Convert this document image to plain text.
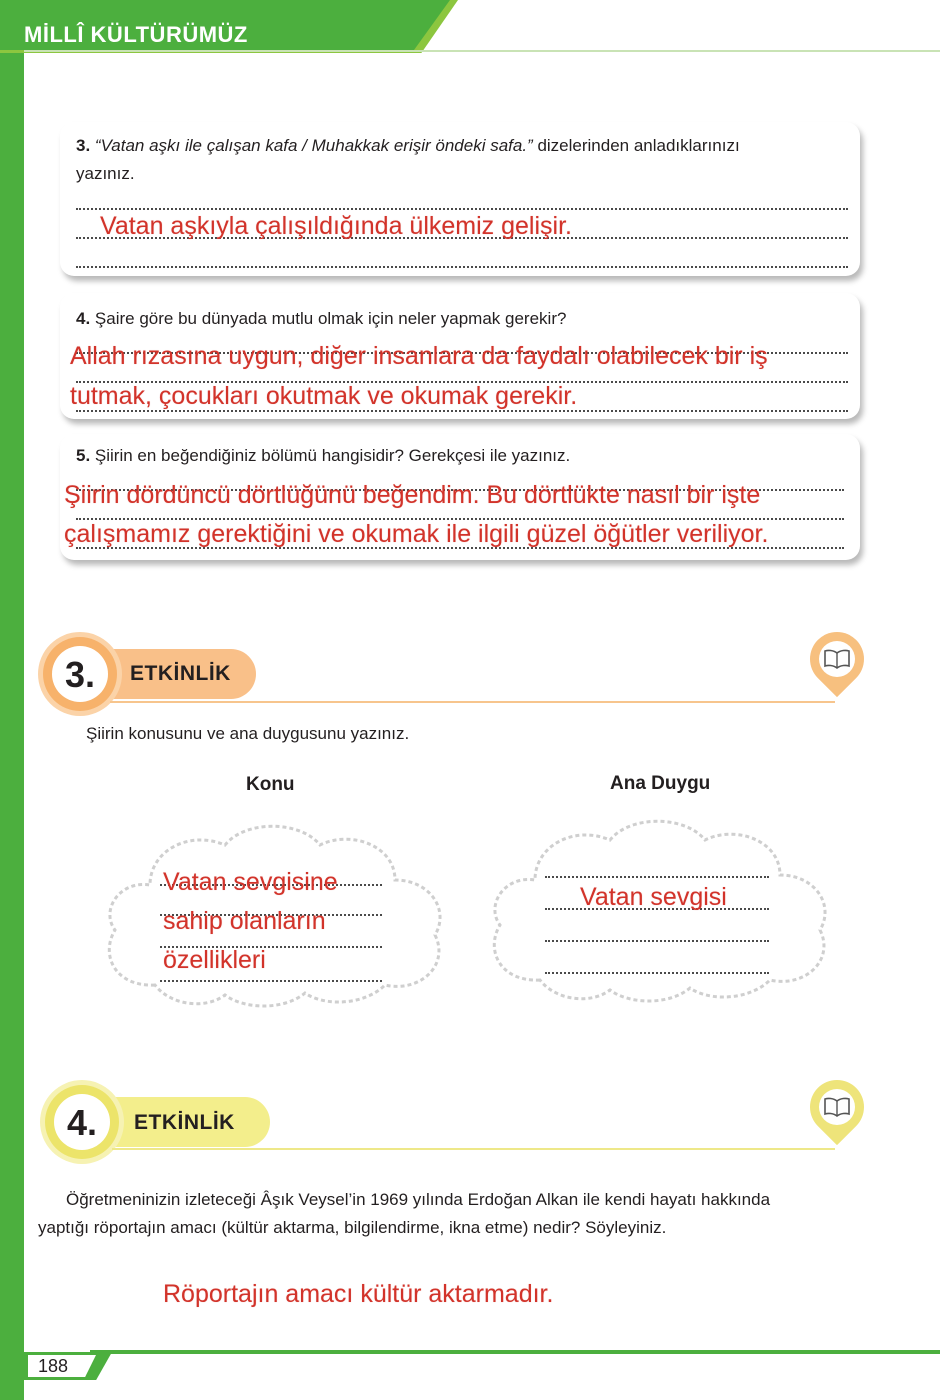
MİLLÎ KÜLTÜRÜMÜZ
3. “Vatan aşkı ile çalışan kafa / Muhakkak erişir öndeki safa.” dizelerinden anladıklarınızı
yazınız.
Vatan aşkıyla çalışıldığında ülkemiz gelişir.
4. Şaire göre bu dünyada mutlu olmak için neler yapmak gerekir?
Allah rızasına uygun, diğer insanlara da faydalı olabilecek bir iş
tutmak, çocukları okutmak ve okumak gerekir.
5. Şiirin en beğendiğiniz bölümü hangisidir? Gerekçesi ile yazınız.
Şiirin dördüncü dörtlüğünü beğendim. Bu dörtlükte nasıl bir işte
çalışmamız gerektiğini ve okumak ile ilgili güzel öğütler veriliyor.
3. ETKİNLİK
Şiirin konusunu ve ana duygusunu yazınız.
Konu	Ana Duygu
Vatan sevgisine
sahip olanların
özellikleri
Vatan sevgisi
4. ETKİNLİK
Öğretmeninizin izleteceği Âşık Veysel’in 1969 yılında Erdoğan Alkan ile kendi hayatı hakkında
yaptığı röportajın amacı (kültür aktarma, bilgilendirme, ikna etme) nedir? Söyleyiniz.
Röportajın amacı kültür aktarmadır.
188
